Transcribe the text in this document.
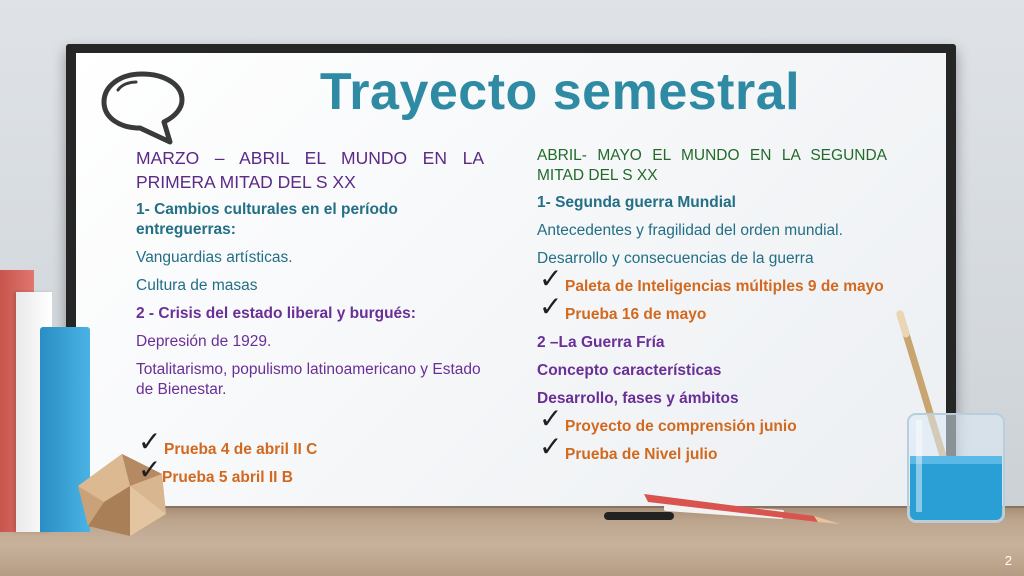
Trayecto semestral
MARZO – ABRIL EL MUNDO EN LA PRIMERA MITAD DEL S XX
1- Cambios culturales en el período entreguerras:
Vanguardias artísticas.
Cultura de masas
2 - Crisis del estado liberal y burgués:
Depresión de 1929.
Totalitarismo, populismo latinoamericano y Estado de Bienestar.
✓ Prueba 4 de abril II C
✓ Prueba 5 abril II B
ABRIL- MAYO EL MUNDO EN LA SEGUNDA MITAD DEL S XX
1- Segunda guerra Mundial
Antecedentes y fragilidad del orden mundial.
Desarrollo y consecuencias de la guerra
✓ Paleta de Inteligencias múltiples 9 de mayo
✓ Prueba 16 de mayo
2 –La Guerra Fría
Concepto características
Desarrollo, fases y ámbitos
✓ Proyecto de comprensión junio
✓ Prueba de Nivel julio
2
